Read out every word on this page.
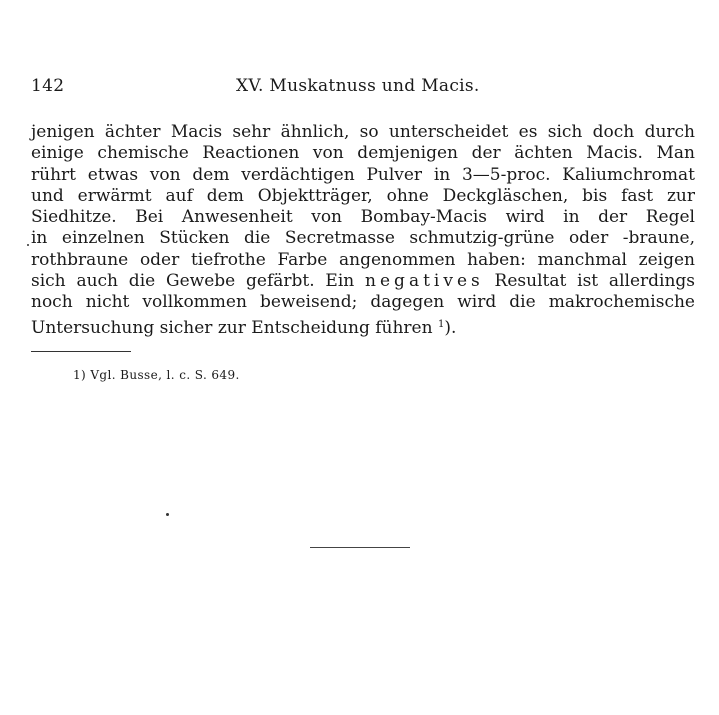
142	XV. Muskatnuss und Macis.
jenigen ächter Macis sehr ähnlich, so unterscheidet es sich doch durch
einige chemische Reactionen von demjenigen der ächten Macis. Man
rührt etwas von dem verdächtigen Pulver in 3—5-proc. Kaliumchromat
und erwärmt auf dem Objektträger, ohne Deckgläschen, bis fast zur
Siedhitze. Bei Anwesenheit von Bombay-Macis wird in der Regel
in einzelnen Stücken die Secretmasse schmutzig-grüne oder -braune,
rothbraune oder tiefrothe Farbe angenommen haben: manchmal zeigen
sich auch die Gewebe gefärbt. Ein negatives Resultat ist allerdings
noch nicht vollkommen beweisend; dagegen wird die makrochemische
Untersuchung sicher zur Entscheidung führen $^1$).
1) Vgl. Busse, l. c. S. 649.
